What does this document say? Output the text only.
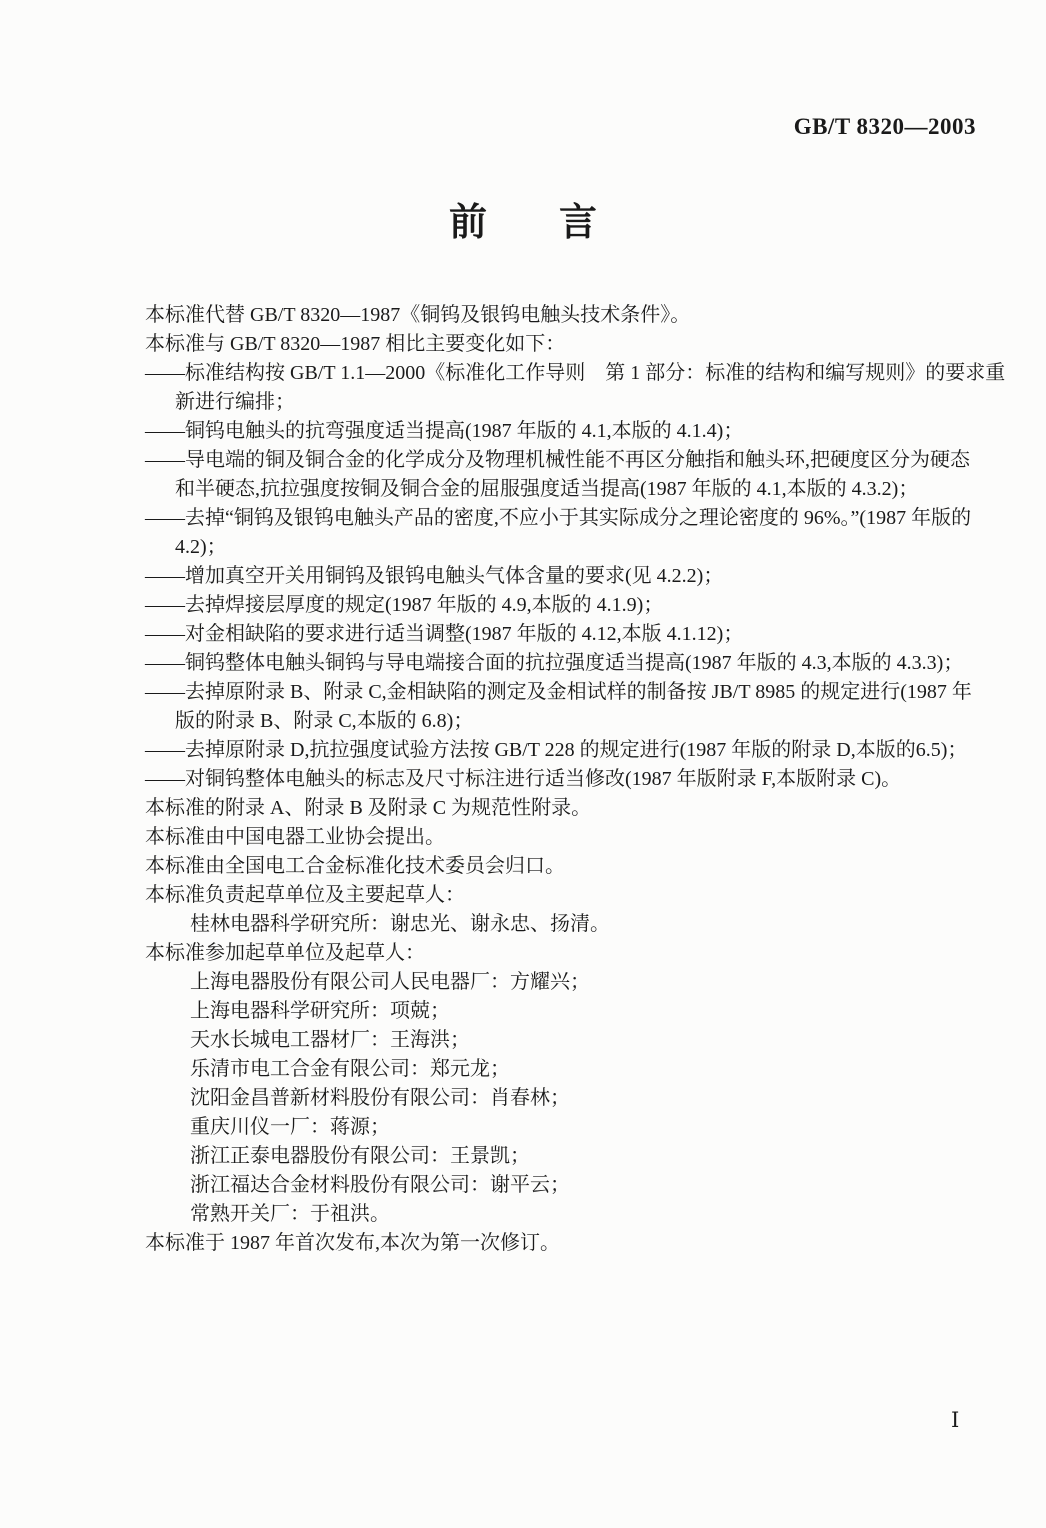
GB/T 8320—2003
前 言
本标准代替 GB/T 8320—1987《铜钨及银钨电触头技术条件》。
本标准与 GB/T 8320—1987 相比主要变化如下：
——标准结构按 GB/T 1.1—2000《标准化工作导则　第 1 部分：标准的结构和编写规则》的要求重
新进行编排；
——铜钨电触头的抗弯强度适当提高(1987 年版的 4.1,本版的 4.1.4)；
——导电端的铜及铜合金的化学成分及物理机械性能不再区分触指和触头环,把硬度区分为硬态
和半硬态,抗拉强度按铜及铜合金的屈服强度适当提高(1987 年版的 4.1,本版的 4.3.2)；
——去掉“铜钨及银钨电触头产品的密度,不应小于其实际成分之理论密度的 96%。”(1987 年版的
4.2)；
——增加真空开关用铜钨及银钨电触头气体含量的要求(见 4.2.2)；
——去掉焊接层厚度的规定(1987 年版的 4.9,本版的 4.1.9)；
——对金相缺陷的要求进行适当调整(1987 年版的 4.12,本版 4.1.12)；
——铜钨整体电触头铜钨与导电端接合面的抗拉强度适当提高(1987 年版的 4.3,本版的 4.3.3)；
——去掉原附录 B、附录 C,金相缺陷的测定及金相试样的制备按 JB/T 8985 的规定进行(1987 年
版的附录 B、附录 C,本版的 6.8)；
——去掉原附录 D,抗拉强度试验方法按 GB/T 228 的规定进行(1987 年版的附录 D,本版的6.5)；
——对铜钨整体电触头的标志及尺寸标注进行适当修改(1987 年版附录 F,本版附录 C)。
本标准的附录 A、附录 B 及附录 C 为规范性附录。
本标准由中国电器工业协会提出。
本标准由全国电工合金标准化技术委员会归口。
本标准负责起草单位及主要起草人：
桂林电器科学研究所：谢忠光、谢永忠、扬清。
本标准参加起草单位及起草人：
上海电器股份有限公司人民电器厂：方耀兴；
上海电器科学研究所：项兢；
天水长城电工器材厂：王海洪；
乐清市电工合金有限公司：郑元龙；
沈阳金昌普新材料股份有限公司：肖春林；
重庆川仪一厂：蒋源；
浙江正泰电器股份有限公司：王景凯；
浙江福达合金材料股份有限公司：谢平云；
常熟开关厂：于祖洪。
本标准于 1987 年首次发布,本次为第一次修订。
Ⅰ
